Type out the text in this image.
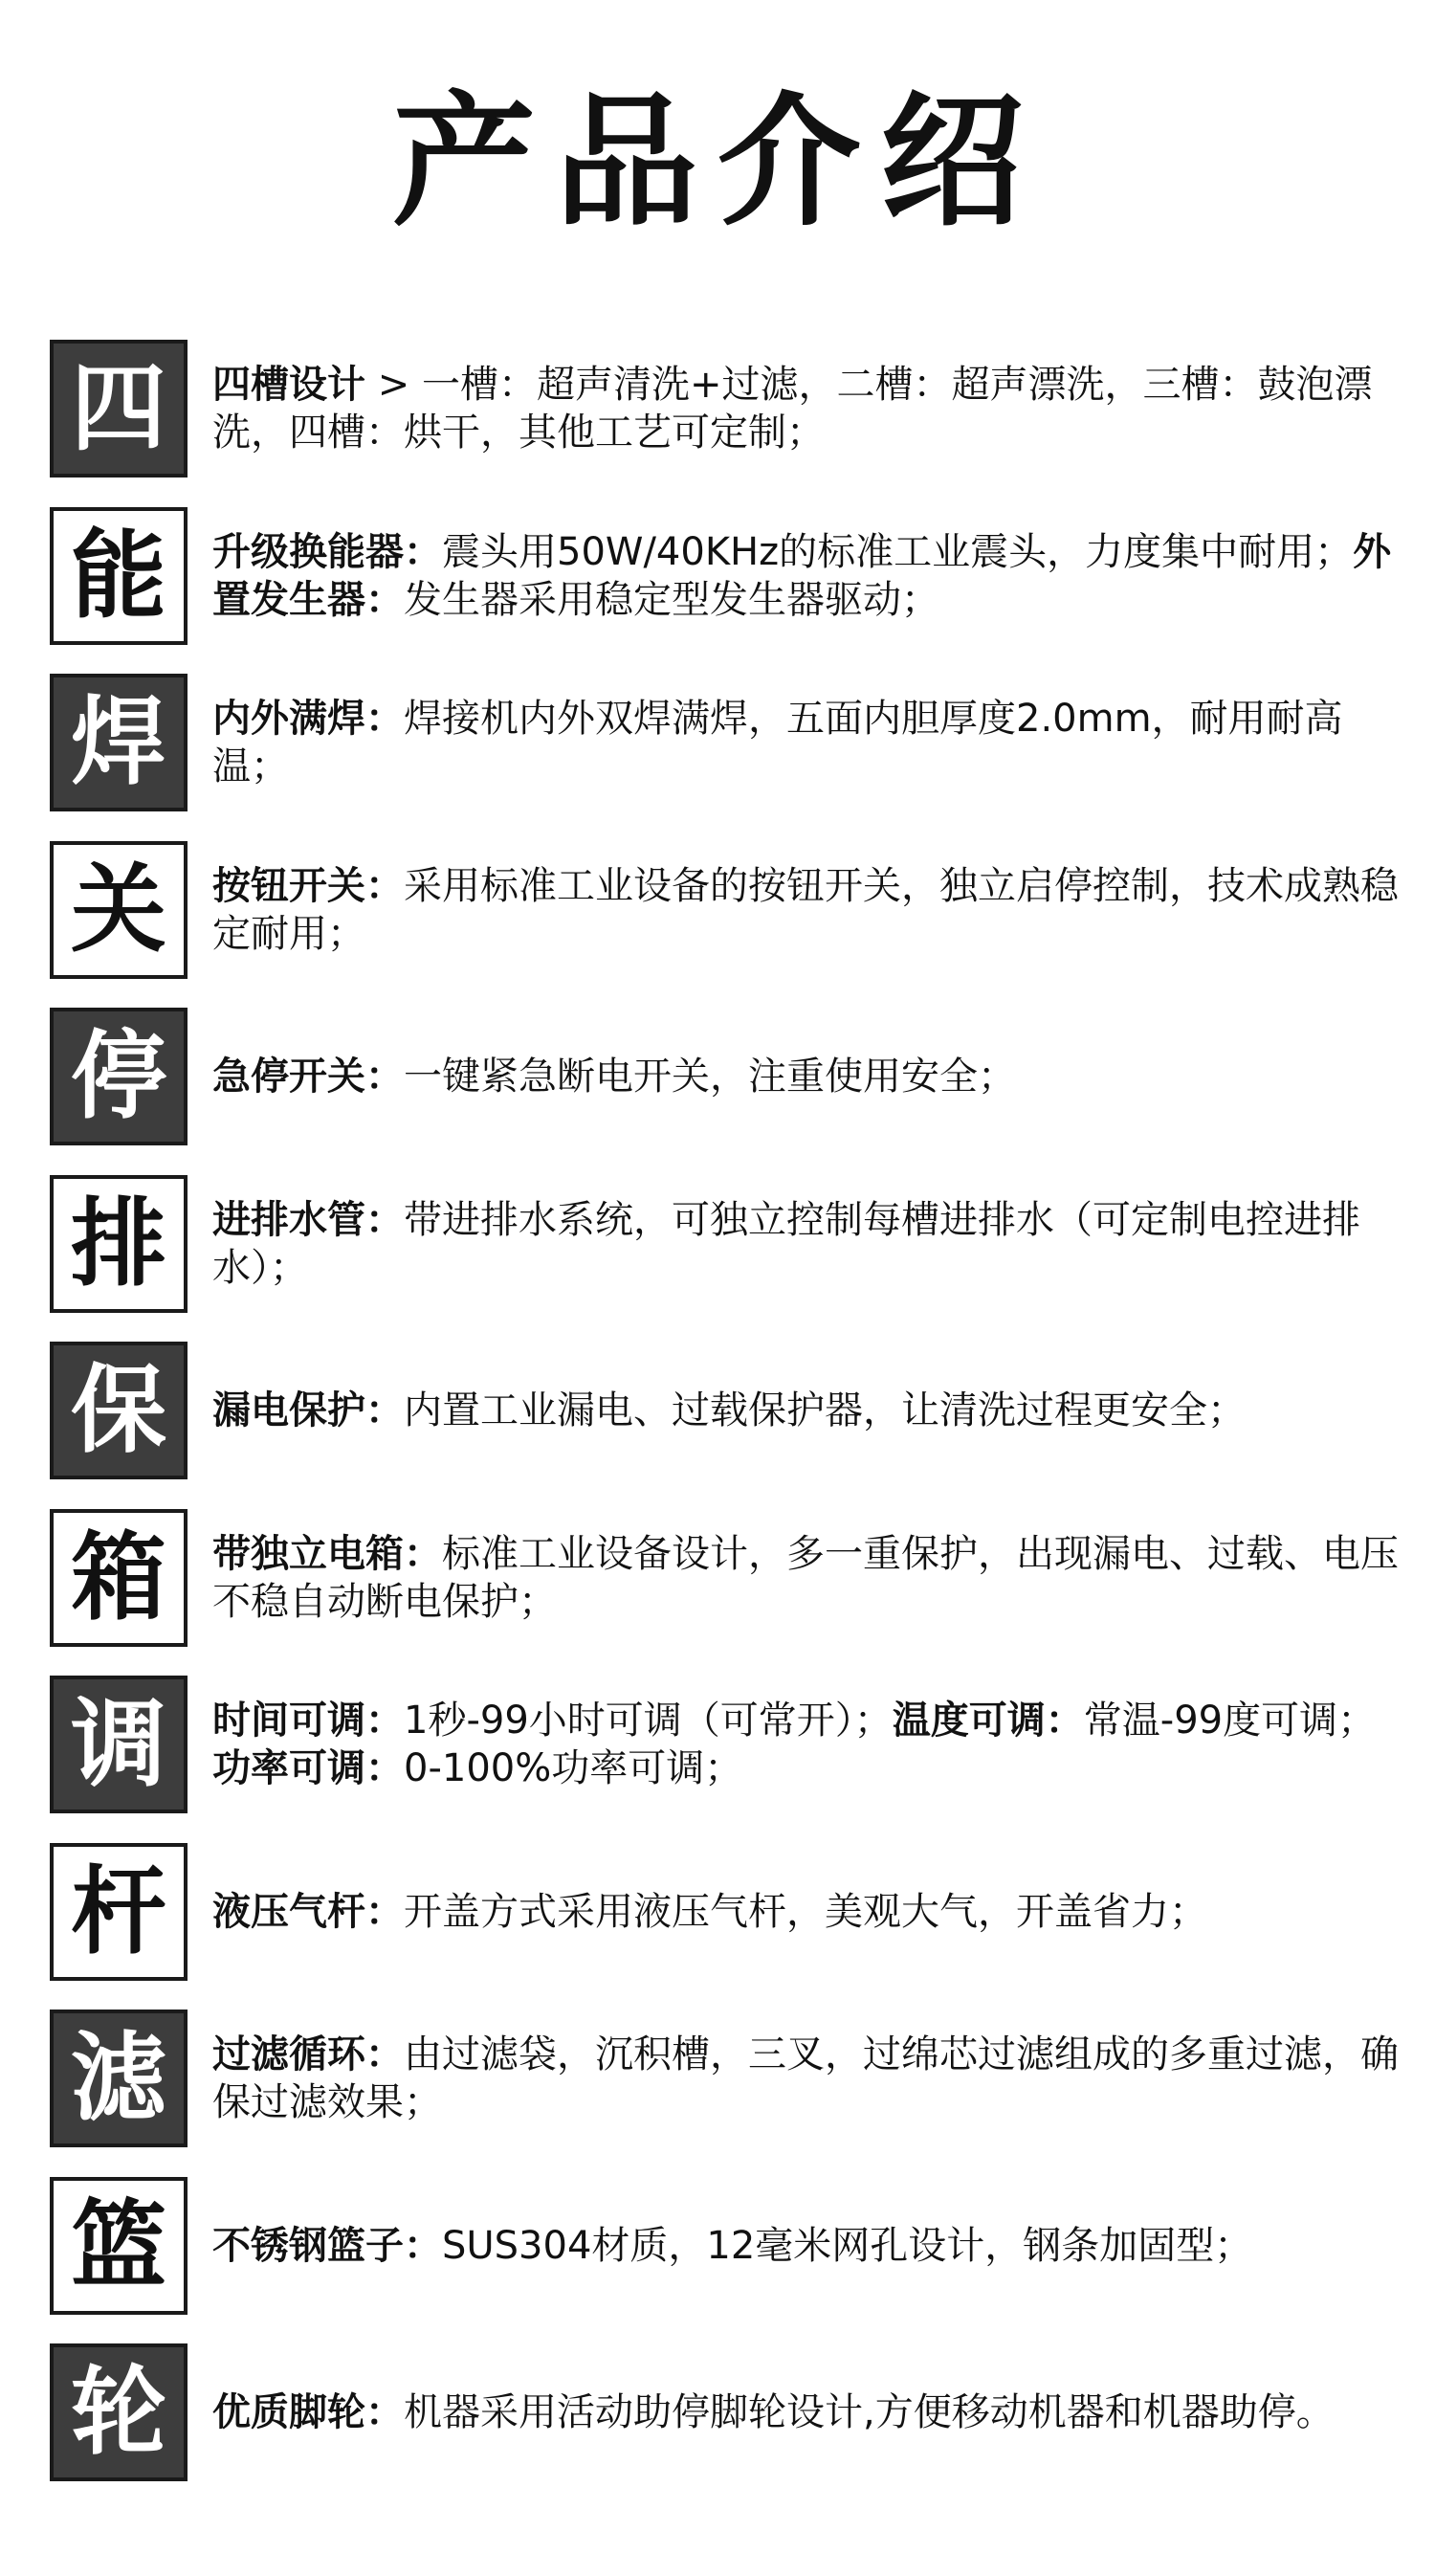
产品介绍
四	四槽设计 > 一槽：超声清洗+过滤，二槽：超声漂洗，三槽：鼓泡漂洗，四槽：烘干，其他工艺可定制；
能	升级换能器：震头用50W/40KHz的标准工业震头，力度集中耐用；外置发生器：发生器采用稳定型发生器驱动；
焊	内外满焊：焊接机内外双焊满焊，五面内胆厚度2.0mm，耐用耐高温；
关	按钮开关：采用标准工业设备的按钮开关，独立启停控制，技术成熟稳定耐用；
停	急停开关：一键紧急断电开关，注重使用安全；
排	进排水管：带进排水系统，可独立控制每槽进排水（可定制电控进排水）；
保	漏电保护：内置工业漏电、过载保护器，让清洗过程更安全；
箱	带独立电箱：标准工业设备设计，多一重保护，出现漏电、过载、电压不稳自动断电保护；
调	时间可调：1秒-99小时可调（可常开）；温度可调：常温-99度可调；功率可调：0-100%功率可调；
杆	液压气杆：开盖方式采用液压气杆，美观大气，开盖省力；
滤	过滤循环：由过滤袋，沉积槽，三叉，过绵芯过滤组成的多重过滤，确保过滤效果；
篮	不锈钢篮子：SUS304材质，12毫米网孔设计，钢条加固型；
轮	优质脚轮：机器采用活动助停脚轮设计,方便移动机器和机器助停。
